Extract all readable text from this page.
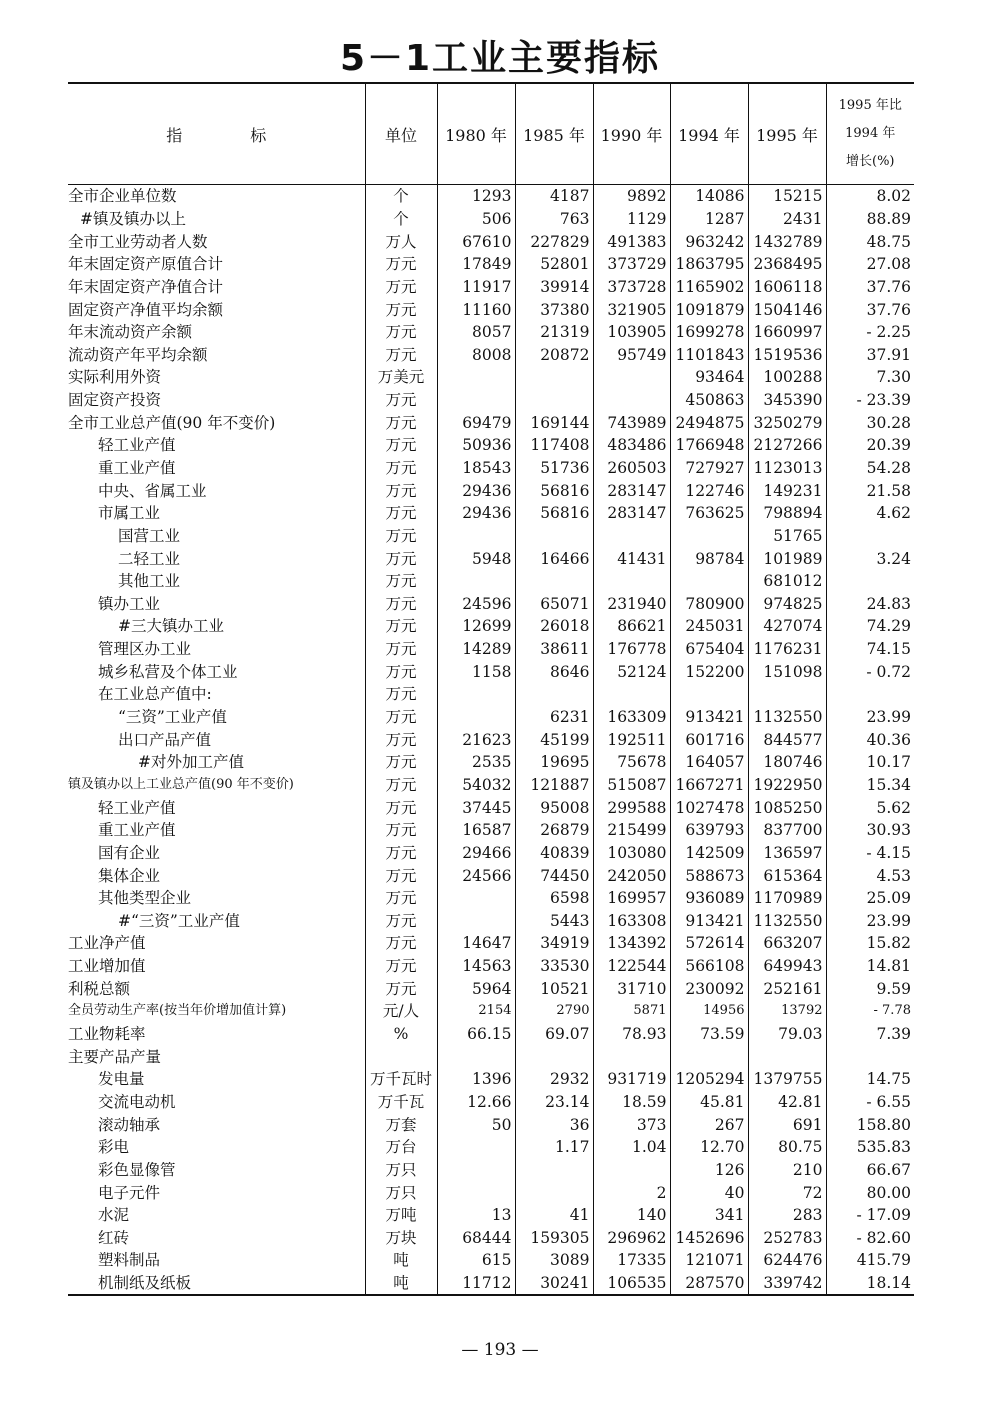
5－1工业主要指标
指标	单位	1980 年	1985 年	1990 年	1994 年	1995 年	1995 年比
1994 年
增长(%)

全市企业单位数	个	1293	4187	9892	14086	15215	8.02
#镇及镇办以上	个	506	763	1129	1287	2431	88.89
全市工业劳动者人数	万人	67610	227829	491383	963242	1432789	48.75
年末固定资产原值合计	万元	17849	52801	373729	1863795	2368495	27.08
年末固定资产净值合计	万元	11917	39914	373728	1165902	1606118	37.76
固定资产净值平均余额	万元	11160	37380	321905	1091879	1504146	37.76
年末流动资产余额	万元	8057	21319	103905	1699278	1660997	- 2.25
流动资产年平均余额	万元	8008	20872	95749	1101843	1519536	37.91
实际利用外资	万美元				93464	100288	7.30
固定资产投资	万元				450863	345390	- 23.39
全市工业总产值(90 年不变价)	万元	69479	169144	743989	2494875	3250279	30.28
轻工业产值	万元	50936	117408	483486	1766948	2127266	20.39
重工业产值	万元	18543	51736	260503	727927	1123013	54.28
中央、省属工业	万元	29436	56816	283147	122746	149231	21.58
市属工业	万元	29436	56816	283147	763625	798894	4.62
国营工业	万元					51765	
二轻工业	万元	5948	16466	41431	98784	101989	3.24
其他工业	万元					681012	
镇办工业	万元	24596	65071	231940	780900	974825	24.83
#三大镇办工业	万元	12699	26018	86621	245031	427074	74.29
管理区办工业	万元	14289	38611	176778	675404	1176231	74.15
城乡私营及个体工业	万元	1158	8646	52124	152200	151098	- 0.72
在工业总产值中:	万元						
“三资”工业产值	万元		6231	163309	913421	1132550	23.99
出口产品产值	万元	21623	45199	192511	601716	844577	40.36
#对外加工产值	万元	2535	19695	75678	164057	180746	10.17
镇及镇办以上工业总产值(90 年不变价)	万元	54032	121887	515087	1667271	1922950	15.34
轻工业产值	万元	37445	95008	299588	1027478	1085250	5.62
重工业产值	万元	16587	26879	215499	639793	837700	30.93
国有企业	万元	29466	40839	103080	142509	136597	- 4.15
集体企业	万元	24566	74450	242050	588673	615364	4.53
其他类型企业	万元		6598	169957	936089	1170989	25.09
#“三资”工业产值	万元		5443	163308	913421	1132550	23.99
工业净产值	万元	14647	34919	134392	572614	663207	15.82
工业增加值	万元	14563	33530	122544	566108	649943	14.81
利税总额	万元	5964	10521	31710	230092	252161	9.59
全员劳动生产率(按当年价增加值计算)	元/人	2154	2790	5871	14956	13792	- 7.78
工业物耗率	%	66.15	69.07	78.93	73.59	79.03	7.39
主要产品产量							
发电量	万千瓦时	1396	2932	931719	1205294	1379755	14.75
交流电动机	万千瓦	12.66	23.14	18.59	45.81	42.81	- 6.55
滚动轴承	万套	50	36	373	267	691	158.80
彩电	万台		1.17	1.04	12.70	80.75	535.83
彩色显像管	万只				126	210	66.67
电子元件	万只			2	40	72	80.00
水泥	万吨	13	41	140	341	283	- 17.09
红砖	万块	68444	159305	296962	1452696	252783	- 82.60
塑料制品	吨	615	3089	17335	121071	624476	415.79
机制纸及纸板	吨	11712	30241	106535	287570	339742	18.14

— 193 —
